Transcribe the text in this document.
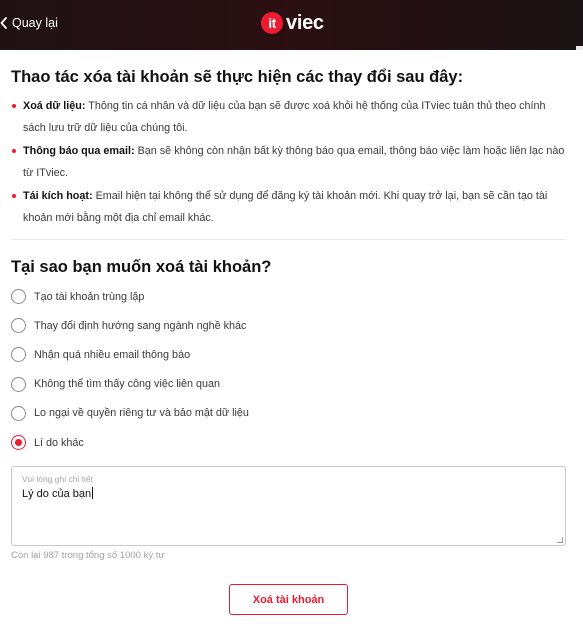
Quay lại	it viec
Thao tác xóa tài khoản sẽ thực hiện các thay đổi sau đây:
Xoá dữ liệu: Thông tin cá nhân và dữ liệu của bạn sẽ được xoá khỏi hệ thống của ITviec tuân thủ theo chính sách lưu trữ dữ liệu của chúng tôi.
Thông báo qua email: Bạn sẽ không còn nhận bất kỳ thông báo qua email, thông báo việc làm hoặc liên lạc nào từ ITviec.
Tái kích hoạt: Email hiện tại không thể sử dụng để đăng ký tài khoản mới. Khi quay trở lại, bạn sẽ cần tạo tài khoản mới bằng một địa chỉ email khác.
Tại sao bạn muốn xoá tài khoản?
Tạo tài khoản trùng lặp
Thay đổi định hướng sang ngành nghề khác
Nhận quá nhiều email thông báo
Không thể tìm thấy công việc liên quan
Lo ngại về quyền riêng tư và bảo mật dữ liệu
Lí do khác
Vui lòng ghi chi tiết
Lý do của bạn
Còn lại 987 trong tổng số 1000 ký tự
Xoá tài khoản
